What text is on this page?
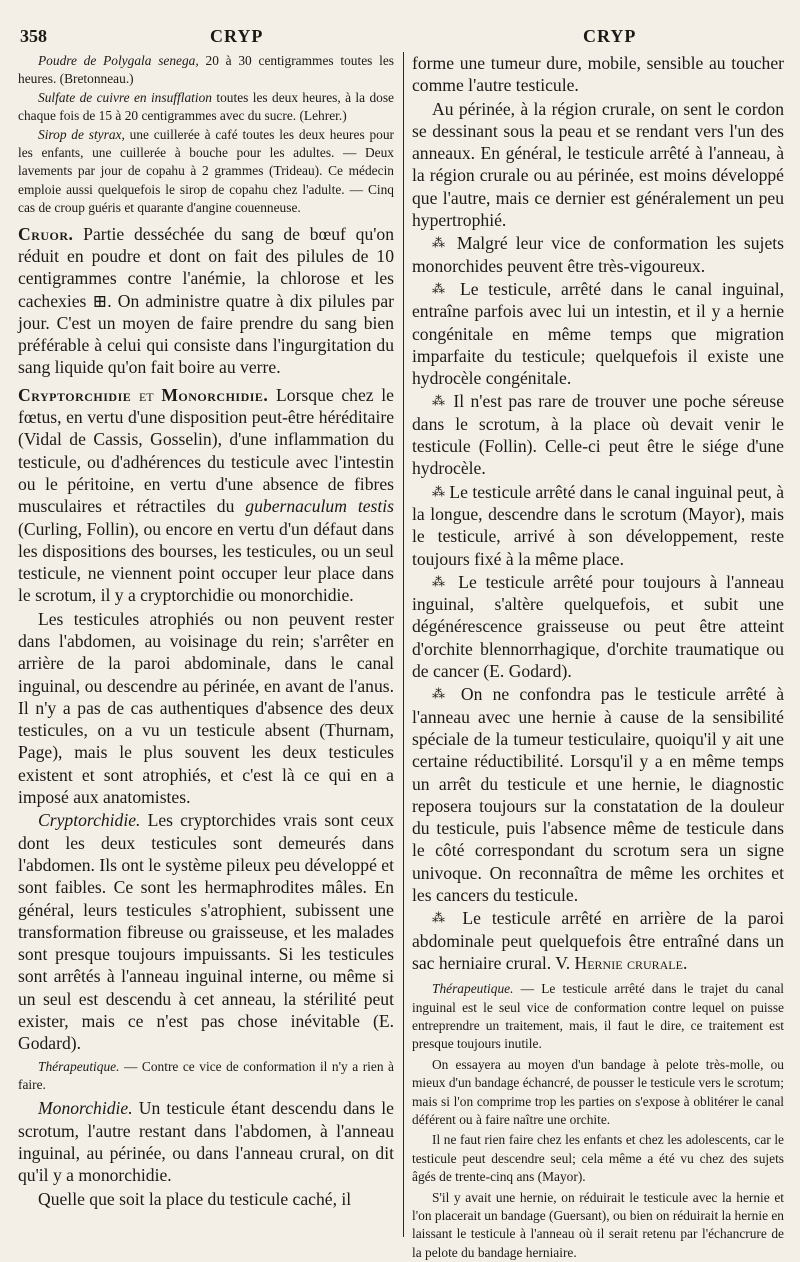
358	CRYP	CRYP

Poudre de Polygala senega, 20 à 30 centigrammes toutes les heures. (Bretonneau.)

Sulfate de cuivre en insufflation toutes les deux heures, à la dose chaque fois de 15 à 20 centigrammes avec du sucre. (Lehrer.)

Sirop de styrax, une cuillerée à café toutes les deux heures pour les enfants, une cuillerée à bouche pour les adultes. — Deux lavements par jour de copahu à 2 grammes (Trideau). Ce médecin emploie aussi quelquefois le sirop de copahu chez l'adulte. — Cinq cas de croup guéris et quarante d'angine couenneuse.

Cruor. Partie desséchée du sang de bœuf qu'on réduit en poudre et dont on fait des pilules de 10 centigrammes contre l'anémie, la chlorose et les cachexies ⊞. On administre quatre à dix pilules par jour. C'est un moyen de faire prendre du sang bien préférable à celui qui consiste dans l'ingurgitation du sang liquide qu'on fait boire au verre.

Cryptorchidie et Monorchidie. Lorsque chez le fœtus, en vertu d'une disposition peut-être héréditaire (Vidal de Cassis, Gosselin), d'une inflammation du testicule, ou d'adhérences du testicule avec l'intestin ou le péritoine, en vertu d'une absence de fibres musculaires et rétractiles du gubernaculum testis (Curling, Follin), ou encore en vertu d'un défaut dans les dispositions des bourses, les testicules, ou un seul testicule, ne viennent point occuper leur place dans le scrotum, il y a cryptorchidie ou monorchidie.

Les testicules atrophiés ou non peuvent rester dans l'abdomen, au voisinage du rein; s'arrêter en arrière de la paroi abdominale, dans le canal inguinal, ou descendre au périnée, en avant de l'anus. Il n'y a pas de cas authentiques d'absence des deux testicules, on a vu un testicule absent (Thurnam, Page), mais le plus souvent les deux testicules existent et sont atrophiés, et c'est là ce qui en a imposé aux anatomistes.

Cryptorchidie. Les cryptorchides vrais sont ceux dont les deux testicules sont demeurés dans l'abdomen. Ils ont le système pileux peu développé et sont faibles. Ce sont les hermaphrodites mâles. En général, leurs testicules s'atrophient, subissent une transformation fibreuse ou graisseuse, et les malades sont presque toujours impuissants. Si les testicules sont arrêtés à l'anneau inguinal interne, ou même si un seul est descendu à cet anneau, la stérilité peut exister, mais ce n'est pas chose inévitable (E. Godard).

Thérapeutique. — Contre ce vice de conformation il n'y a rien à faire.

Monorchidie. Un testicule étant descendu dans le scrotum, l'autre restant dans l'abdomen, à l'anneau inguinal, au périnée, ou dans l'anneau crural, on dit qu'il y a monorchidie.

Quelle que soit la place du testicule caché, il

forme une tumeur dure, mobile, sensible au toucher comme l'autre testicule.

Au périnée, à la région crurale, on sent le cordon se dessinant sous la peau et se rendant vers l'un des anneaux. En général, le testicule arrêté à l'anneau, à la région crurale ou au périnée, est moins développé que l'autre, mais ce dernier est généralement un peu hypertrophié.

⁂ Malgré leur vice de conformation les sujets monorchides peuvent être très-vigoureux.

⁂ Le testicule, arrêté dans le canal inguinal, entraîne parfois avec lui un intestin, et il y a hernie congénitale en même temps que migration imparfaite du testicule; quelquefois il existe une hydrocèle congénitale.

⁂ Il n'est pas rare de trouver une poche séreuse dans le scrotum, à la place où devait venir le testicule (Follin). Celle-ci peut être le siége d'une hydrocèle.

⁂ Le testicule arrêté dans le canal inguinal peut, à la longue, descendre dans le scrotum (Mayor), mais le testicule, arrivé à son développement, reste toujours fixé à la même place.

⁂ Le testicule arrêté pour toujours à l'anneau inguinal, s'altère quelquefois, et subit une dégénérescence graisseuse ou peut être atteint d'orchite blennorrhagique, d'orchite traumatique ou de cancer (E. Godard).

⁂ On ne confondra pas le testicule arrêté à l'anneau avec une hernie à cause de la sensibilité spéciale de la tumeur testiculaire, quoiqu'il y ait une certaine réductibilité. Lorsqu'il y a en même temps un arrêt du testicule et une hernie, le diagnostic reposera toujours sur la constatation de la douleur du testicule, puis l'absence même de testicule dans le côté correspondant du scrotum sera un signe univoque. On reconnaîtra de même les orchites et les cancers du testicule.

⁂ Le testicule arrêté en arrière de la paroi abdominale peut quelquefois être entraîné dans un sac herniaire crural. V. Hernie crurale.

Thérapeutique. — Le testicule arrêté dans le trajet du canal inguinal est le seul vice de conformation contre lequel on puisse entreprendre un traitement, mais, il faut le dire, ce traitement est presque toujours inutile.

On essayera au moyen d'un bandage à pelote très-molle, ou mieux d'un bandage échancré, de pousser le testicule vers le scrotum; mais si l'on comprime trop les parties on s'expose à oblitérer le canal déférent ou à faire naître une orchite.

Il ne faut rien faire chez les enfants et chez les adolescents, car le testicule peut descendre seul; cela même a été vu chez des sujets âgés de trente-cinq ans (Mayor).

S'il y avait une hernie, on réduirait le testicule avec la hernie et l'on placerait un bandage (Guersant), ou bien on réduirait la hernie en laissant le testicule à l'anneau où il serait retenu par l'échancrure de la pelote du bandage herniaire.
